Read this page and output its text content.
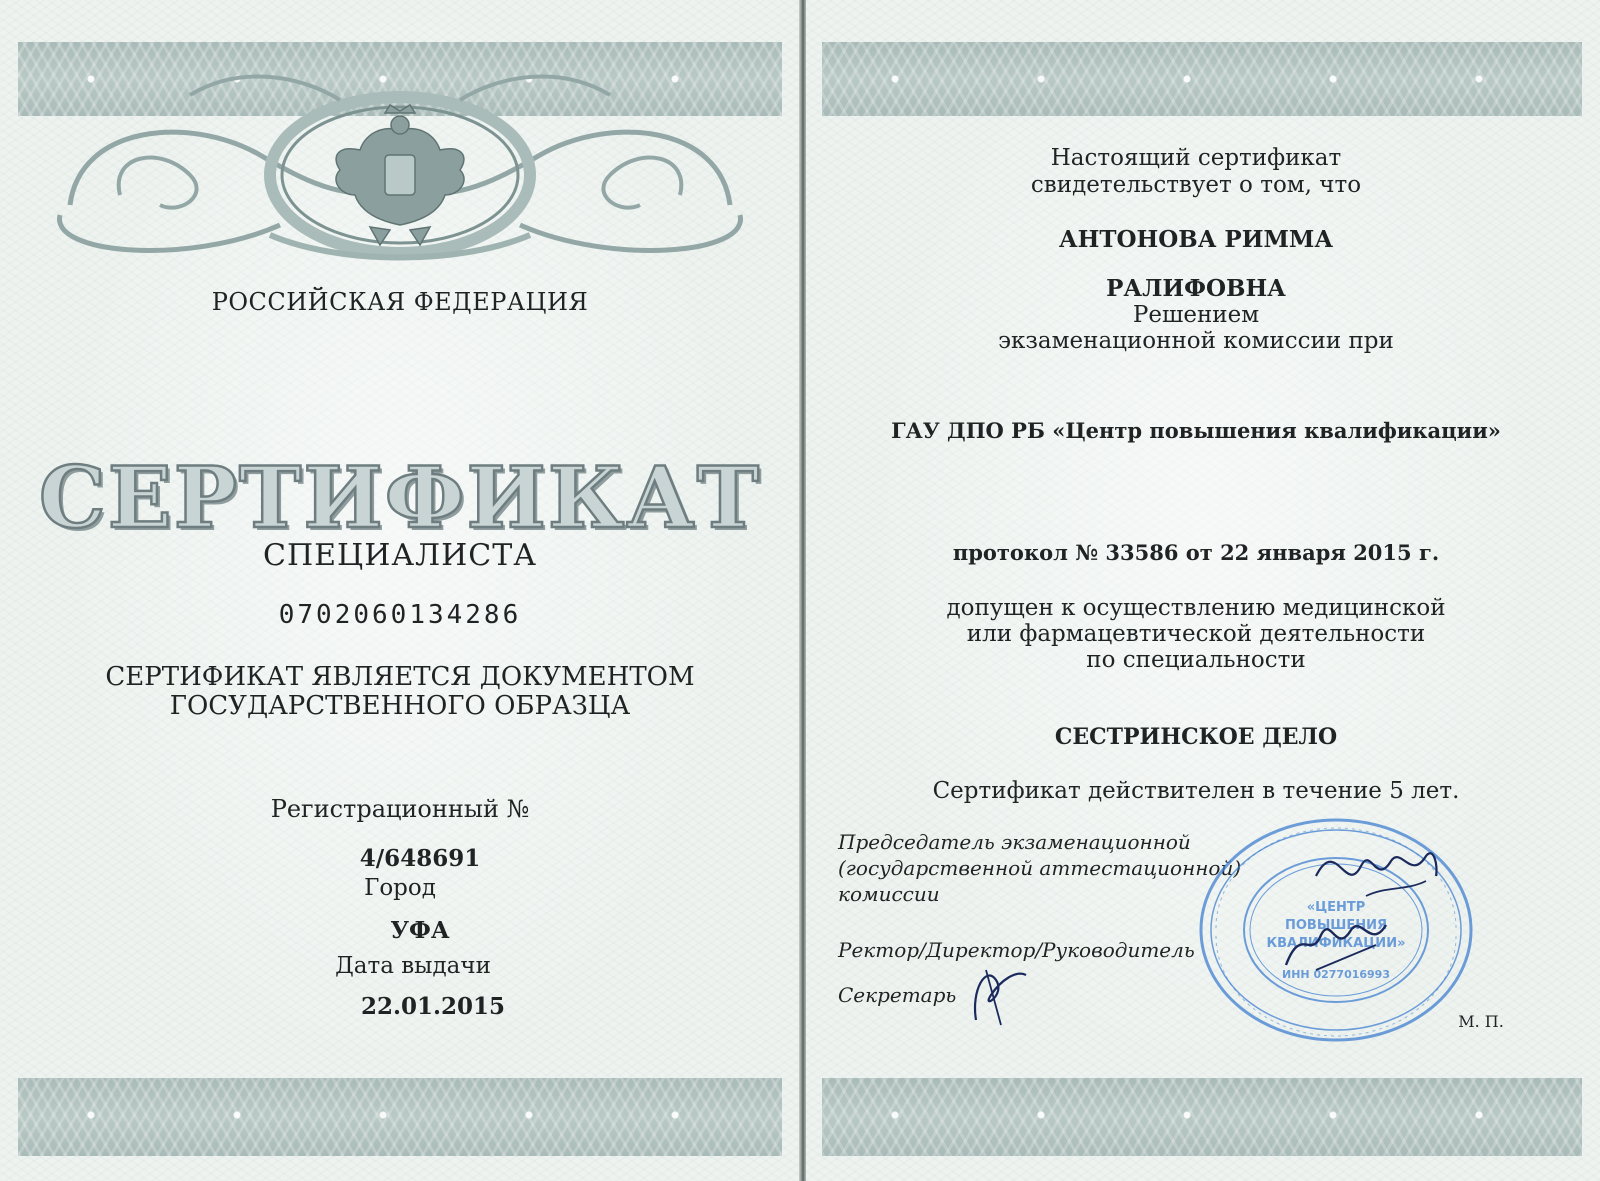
РОССИЙСКАЯ ФЕДЕРАЦИЯ
СЕРТИФИКАТ
СПЕЦИАЛИСТА
0702060134286
СЕРТИФИКАТ ЯВЛЯЕТСЯ ДОКУМЕНТОМ
ГОСУДАРСТВЕННОГО ОБРАЗЦА
Регистрационный №
4/648691
Город
УФА
Дата выдачи
22.01.2015
Настоящий сертификат
свидетельствует о том, что
АНТОНОВА РИММА
РАЛИФОВНА
Решением
экзаменационной комиссии при
ГАУ ДПО РБ «Центр повышения квалификации»
протокол № 33586 от 22 января 2015 г.
допущен к осуществлению медицинской
или фармацевтической деятельности
по специальности
СЕСТРИНСКОЕ ДЕЛО
Сертификат действителен в течение 5 лет.
Председатель экзаменационной
(государственной аттестационной)
комиссии
Ректор/Директор/Руководитель
Секретарь
М. П.
«ЦЕНТР
ПОВЫШЕНИЯ
КВАЛИФИКАЦИИ»
ИНН 0277016993
